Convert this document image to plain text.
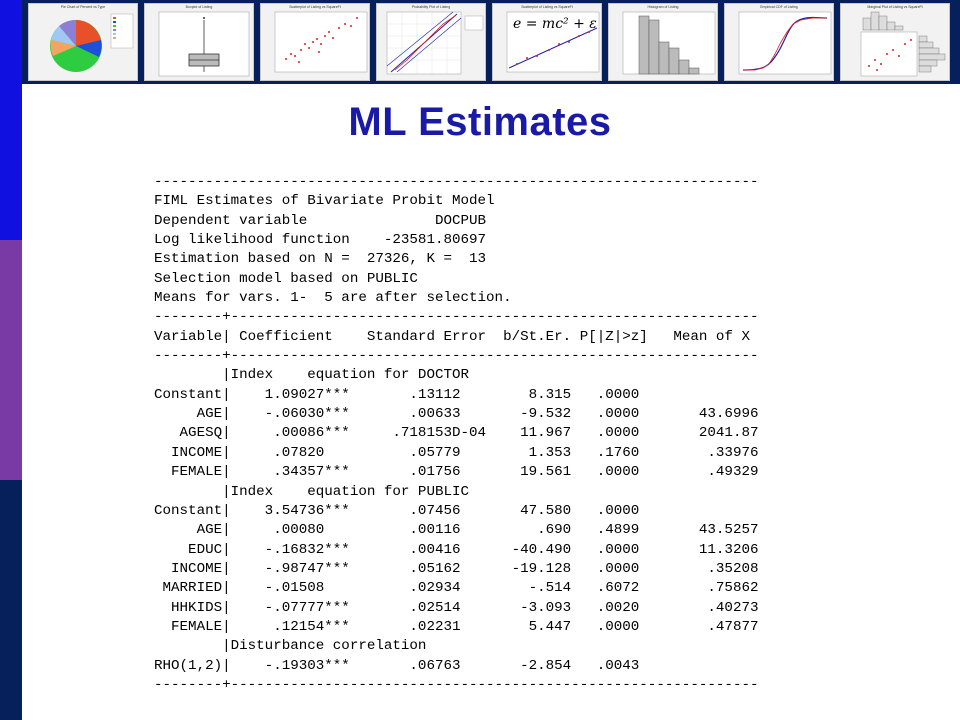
Pie Chart of Percent vs Type	Boxplot of Listing	Scatterplot of Listing vs SquareFt	Probability Plot of Listing	Scatterplot of Listing vs SquareFt
e = mc² + ε
Histogram of Listing	Empirical CDF of Listing	Marginal Plot of Listing vs SquareFt
ML Estimates
-----------------------------------------------------------------------
FIML Estimates of Bivariate Probit Model
Dependent variable               DOCPUB
Log likelihood function    -23581.80697
Estimation based on N =  27326, K =  13
Selection model based on PUBLIC
Means for vars. 1-  5 are after selection.
--------+--------------------------------------------------------------
Variable| Coefficient    Standard Error  b/St.Er. P[|Z|>z]   Mean of X
--------+--------------------------------------------------------------
|Index    equation for DOCTOR
Constant|    1.09027***       .13112        8.315   .0000
AGE|    -.06030***       .00633       -9.532   .0000       43.6996
AGESQ|     .00086***     .718153D-04    11.967   .0000       2041.87
INCOME|     .07820          .05779        1.353   .1760        .33976
FEMALE|     .34357***       .01756       19.561   .0000        .49329
|Index    equation for PUBLIC
Constant|    3.54736***       .07456       47.580   .0000
AGE|     .00080          .00116         .690   .4899       43.5257
EDUC|    -.16832***       .00416      -40.490   .0000       11.3206
INCOME|    -.98747***       .05162      -19.128   .0000        .35208
MARRIED|    -.01508          .02934        -.514   .6072        .75862
HHKIDS|    -.07777***       .02514       -3.093   .0020        .40273
FEMALE|     .12154***       .02231        5.447   .0000        .47877
|Disturbance correlation
RHO(1,2)|    -.19303***       .06763       -2.854   .0043
--------+--------------------------------------------------------------
